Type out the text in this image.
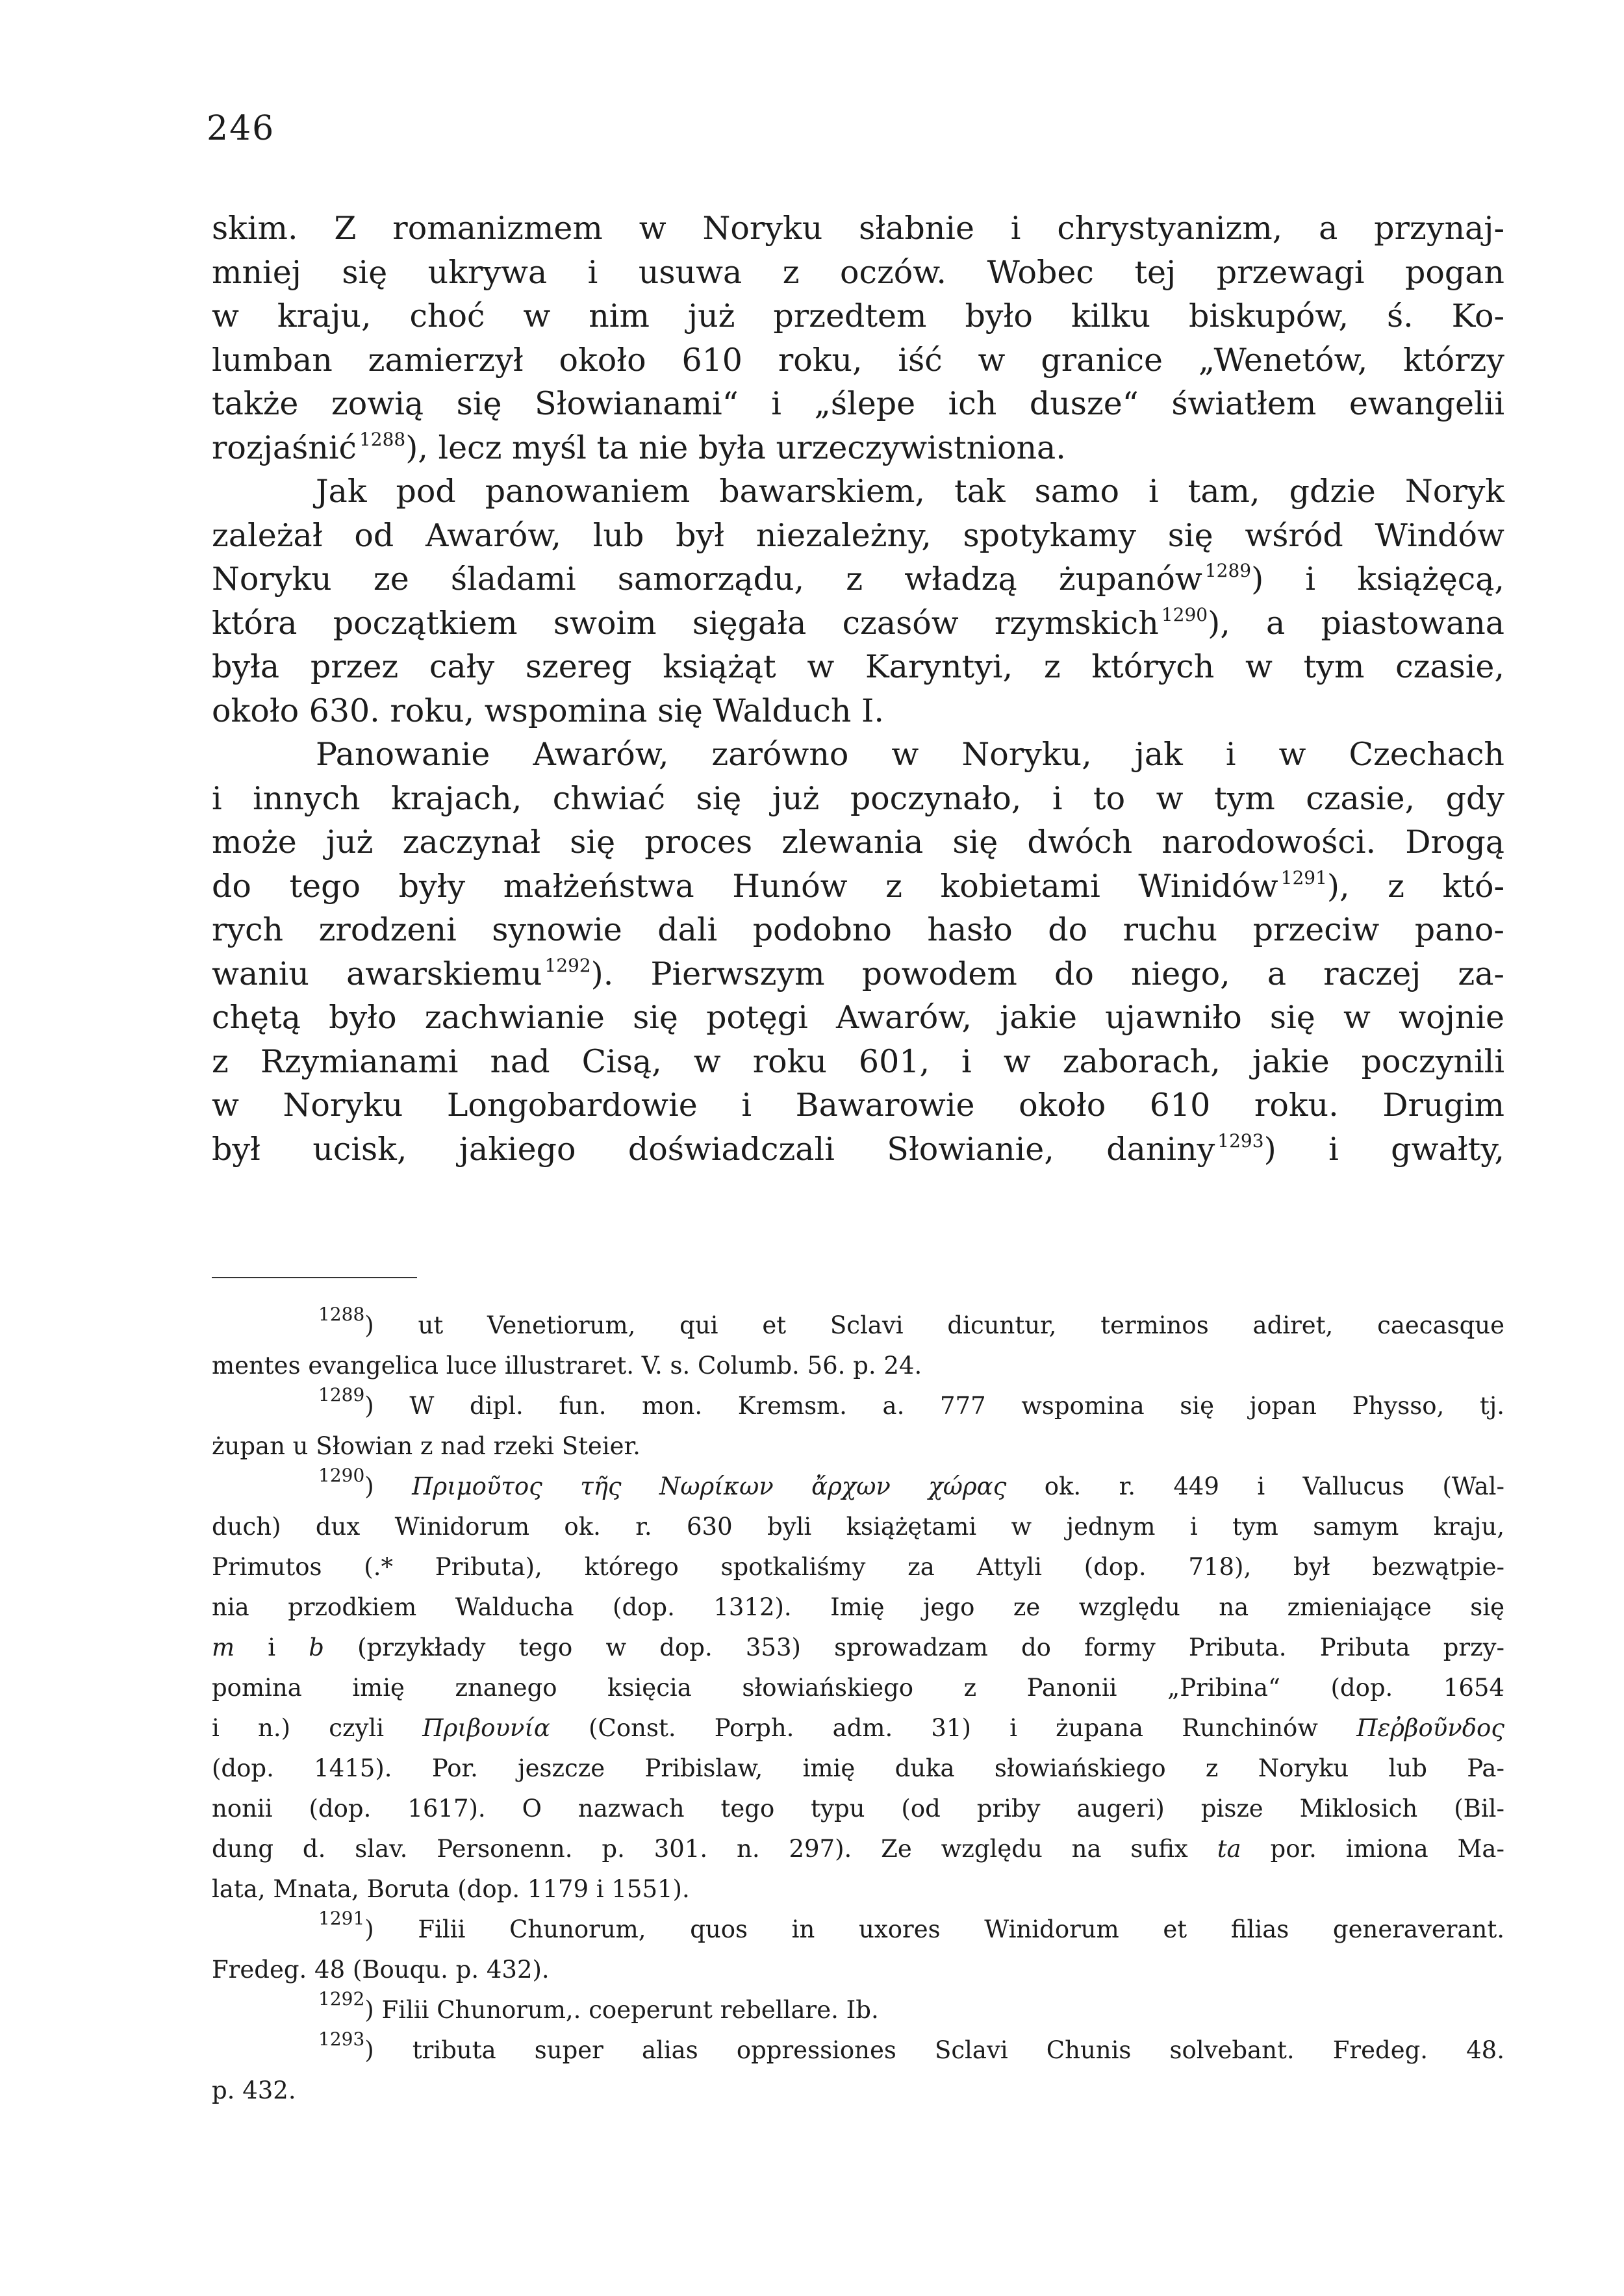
246
skim. Z romanizmem w Noryku słabnie i chrystyanizm, a przynaj-
mniej się ukrywa i usuwa z oczów. Wobec tej przewagi pogan
w kraju, choć w nim już przedtem było kilku biskupów, ś. Ko-
lumban zamierzył około 610 roku, iść w granice „Wenetów, którzy
także zowią się Słowianami“ i „ślepe ich dusze“ światłem ewangelii
rozjaśnić $^{1288}$), lecz myśl ta nie była urzeczywistniona.
Jak pod panowaniem bawarskiem, tak samo i tam, gdzie Noryk
zależał od Awarów, lub był niezależny, spotykamy się wśród Windów
Noryku ze śladami samorządu, z władzą żupanów $^{1289}$) i książęcą,
która początkiem swoim sięgała czasów rzymskich $^{1290}$), a piastowana
była przez cały szereg książąt w Karyntyi, z których w tym czasie,
około 630. roku, wspomina się Walduch I.
Panowanie Awarów, zarówno w Noryku, jak i w Czechach
i innych krajach, chwiać się już poczynało, i to w tym czasie, gdy
może już zaczynał się proces zlewania się dwóch narodowości. Drogą
do tego były małżeństwa Hunów z kobietami Winidów $^{1291}$), z któ-
rych zrodzeni synowie dali podobno hasło do ruchu przeciw pano-
waniu awarskiemu $^{1292}$). Pierwszym powodem do niego, a raczej za-
chętą było zachwianie się potęgi Awarów, jakie ujawniło się w wojnie
z Rzymianami nad Cisą, w roku 601, i w zaborach, jakie poczynili
w Noryku Longobardowie i Bawarowie około 610 roku. Drugim
był ucisk, jakiego doświadczali Słowianie, daniny $^{1293}$) i gwałty,
$^{1288}$) ut Venetiorum, qui et Sclavi dicuntur, terminos adiret, caecasque
mentes evangelica luce illustraret. V. s. Columb. 56. p. 24.
$^{1289}$) W dipl. fun. mon. Kremsm. a. 777 wspomina się jopan Physso, tj.
żupan u Słowian z nad rzeki Steier.
$^{1290}$) Πριμοῦτος τῆς Νωρίκων ἄρχων χώρας ok. r. 449 i Vallucus (Wal-
duch) dux Winidorum ok. r. 630 byli książętami w jednym i tym samym kraju,
Primutos (.* Pributa), którego spotkaliśmy za Attyli (dop. 718), był bezwątpie-
nia przodkiem Walducha (dop. 1312). Imię jego ze względu na zmieniające się
m i b (przykłady tego w dop. 353) sprowadzam do formy Pributa. Pributa przy-
pomina imię znanego księcia słowiańskiego z Panonii „Pribina“ (dop. 1654
i n.) czyli Πριβουνία (Const. Porph. adm. 31) i żupana Runchinów Πεῤβοῦνδος
(dop. 1415). Por. jeszcze Pribislaw, imię duka słowiańskiego z Noryku lub Pa-
nonii (dop. 1617). O nazwach tego typu (od priby augeri) pisze Miklosich (Bil-
dung d. slav. Personenn. p. 301. n. 297). Ze względu na sufix ta por. imiona Ma-
lata, Mnata, Boruta (dop. 1179 i 1551).
$^{1291}$) Filii Chunorum, quos in uxores Winidorum et filias generaverant.
Fredeg. 48 (Bouqu. p. 432).
$^{1292}$) Filii Chunorum,. coeperunt rebellare. Ib.
$^{1293}$) tributa super alias oppressiones Sclavi Chunis solvebant. Fredeg. 48.
p. 432.
